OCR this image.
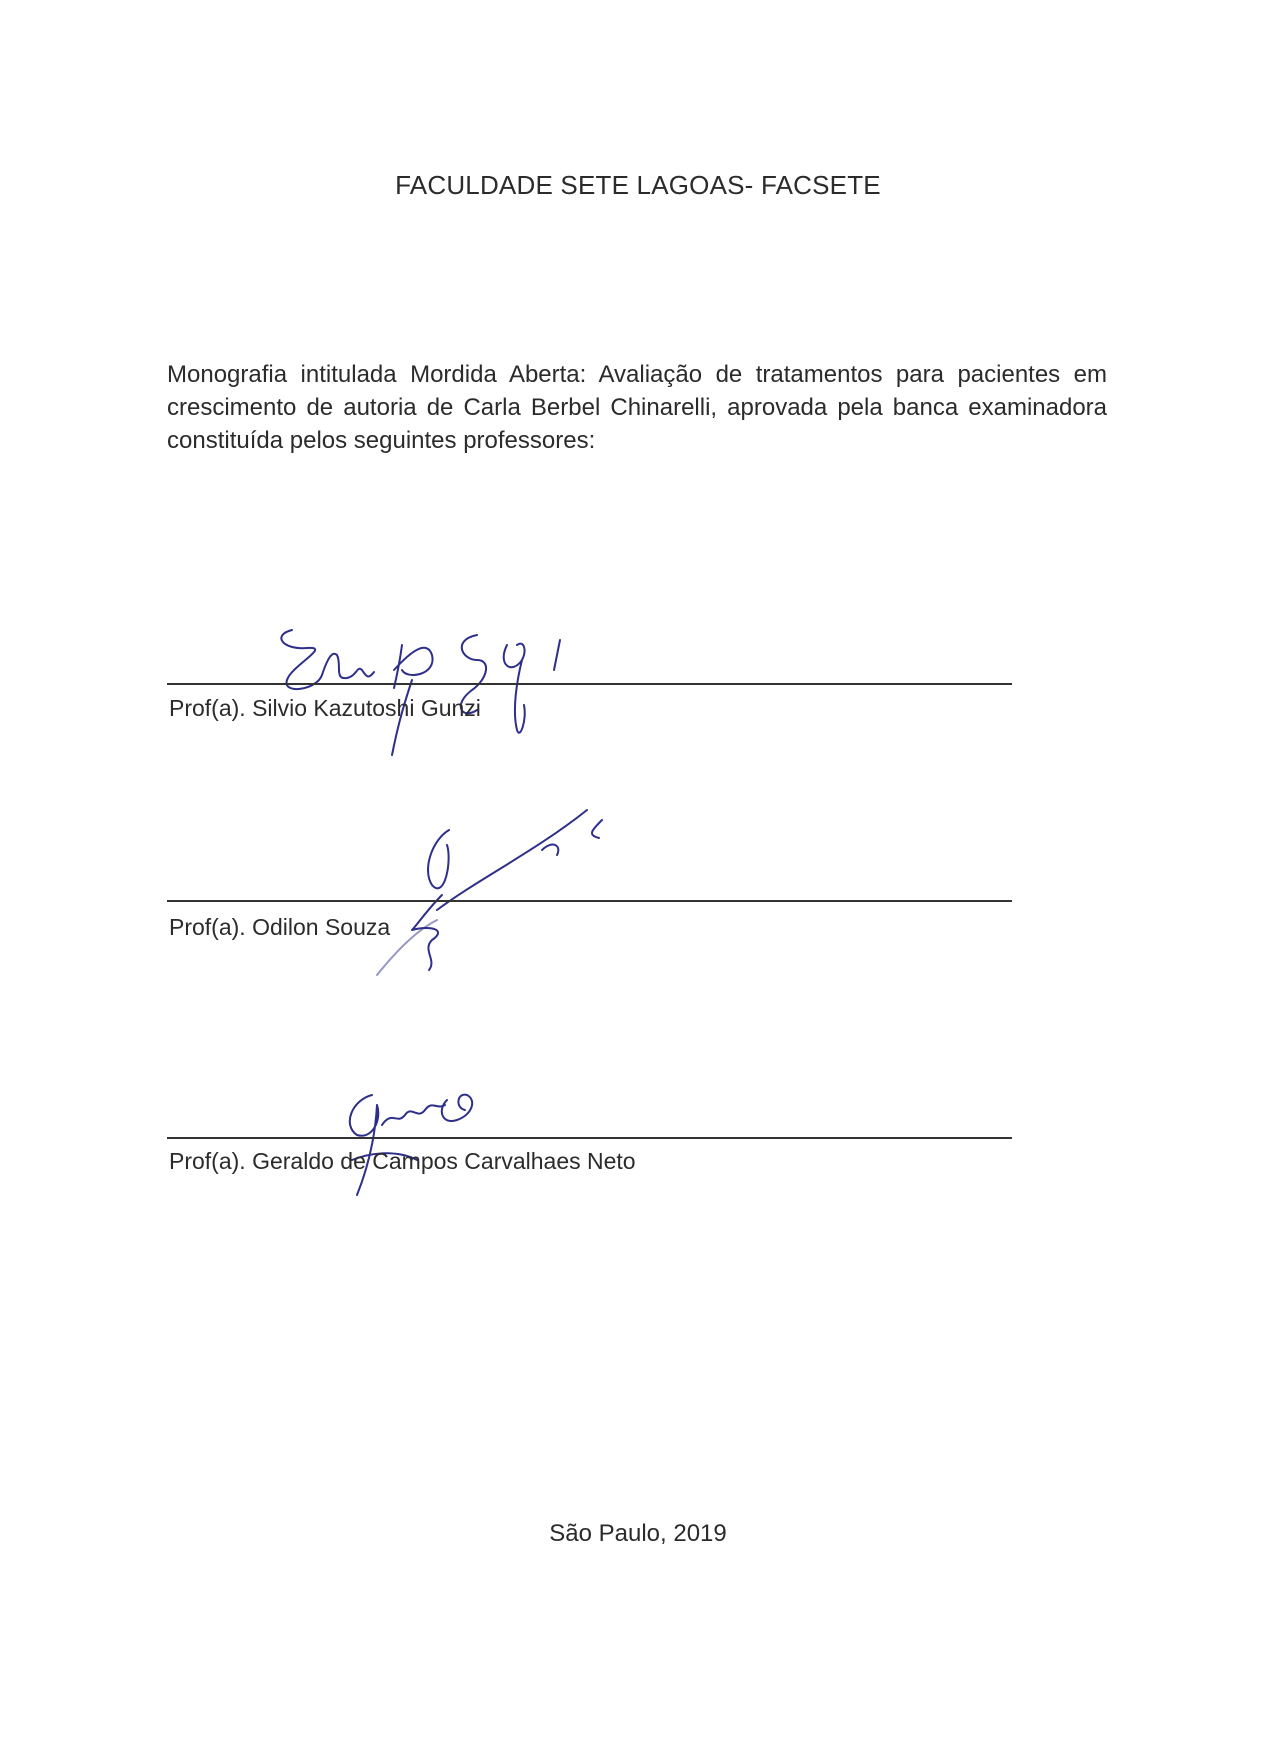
FACULDADE SETE LAGOAS- FACSETE

Monografia intitulada Mordida Aberta: Avaliação de tratamentos para pacientes em crescimento de autoria de Carla Berbel Chinarelli, aprovada pela banca examinadora constituída pelos seguintes professores:

Prof(a). Silvio Kazutoshi Gunzi
Prof(a). Odilon Souza
Prof(a). Geraldo de Campos Carvalhaes Neto
São Paulo, 2019
